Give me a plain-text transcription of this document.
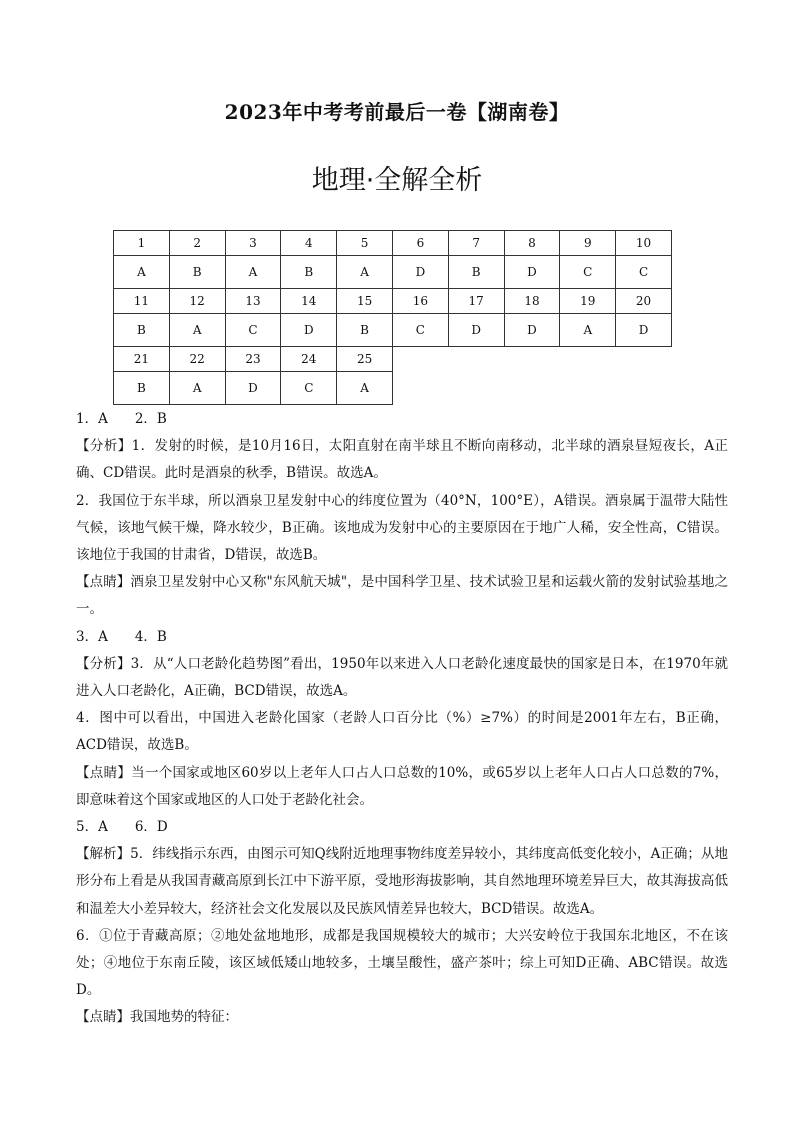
2023年中考考前最后一卷【湖南卷】
地理·全解全析
1	2	3	4	5	6	7	8	9	10
A	B	A	B	A	D	B	D	C	C
11	12	13	14	15	16	17	18	19	20
B	A	C	D	B	C	D	D	A	D
21	22	23	24	25					
B	A	D	C	A					

1．A　　2．B

【分析】1．发射的时候，是10月16日，太阳直射在南半球且不断向南移动，北半球的酒泉昼短夜长，A正确、CD错误。此时是酒泉的秋季，B错误。故选A。

2．我国位于东半球，所以酒泉卫星发射中心的纬度位置为（40°N，100°E），A错误。酒泉属于温带大陆性气候，该地气候干燥，降水较少，B正确。该地成为发射中心的主要原因在于地广人稀，安全性高，C错误。该地位于我国的甘肃省，D错误，故选B。

【点睛】酒泉卫星发射中心又称"东风航天城"，是中国科学卫星、技术试验卫星和运载火箭的发射试验基地之一。

3．A　　4．B

【分析】3．从“人口老龄化趋势图”看出，1950年以来进入人口老龄化速度最快的国家是日本，在1970年就进入人口老龄化，A正确，BCD错误，故选A。

4．图中可以看出，中国进入老龄化国家（老龄人口百分比（%）≥7%）的时间是2001年左右，B正确，ACD错误，故选B。

【点睛】当一个国家或地区60岁以上老年人口占人口总数的10%，或65岁以上老年人口占人口总数的7%，即意味着这个国家或地区的人口处于老龄化社会。

5．A　　6．D

【解析】5．纬线指示东西，由图示可知Q线附近地理事物纬度差异较小，其纬度高低变化较小，A正确；从地形分布上看是从我国青藏高原到长江中下游平原，受地形海拔影响，其自然地理环境差异巨大，故其海拔高低和温差大小差异较大，经济社会文化发展以及民族风情差异也较大，BCD错误。故选A。

6．①位于青藏高原；②地处盆地地形，成都是我国规模较大的城市；大兴安岭位于我国东北地区，不在该处；④地位于东南丘陵，该区域低矮山地较多，土壤呈酸性，盛产茶叶；综上可知D正确、ABC错误。故选D。

【点睛】我国地势的特征：
